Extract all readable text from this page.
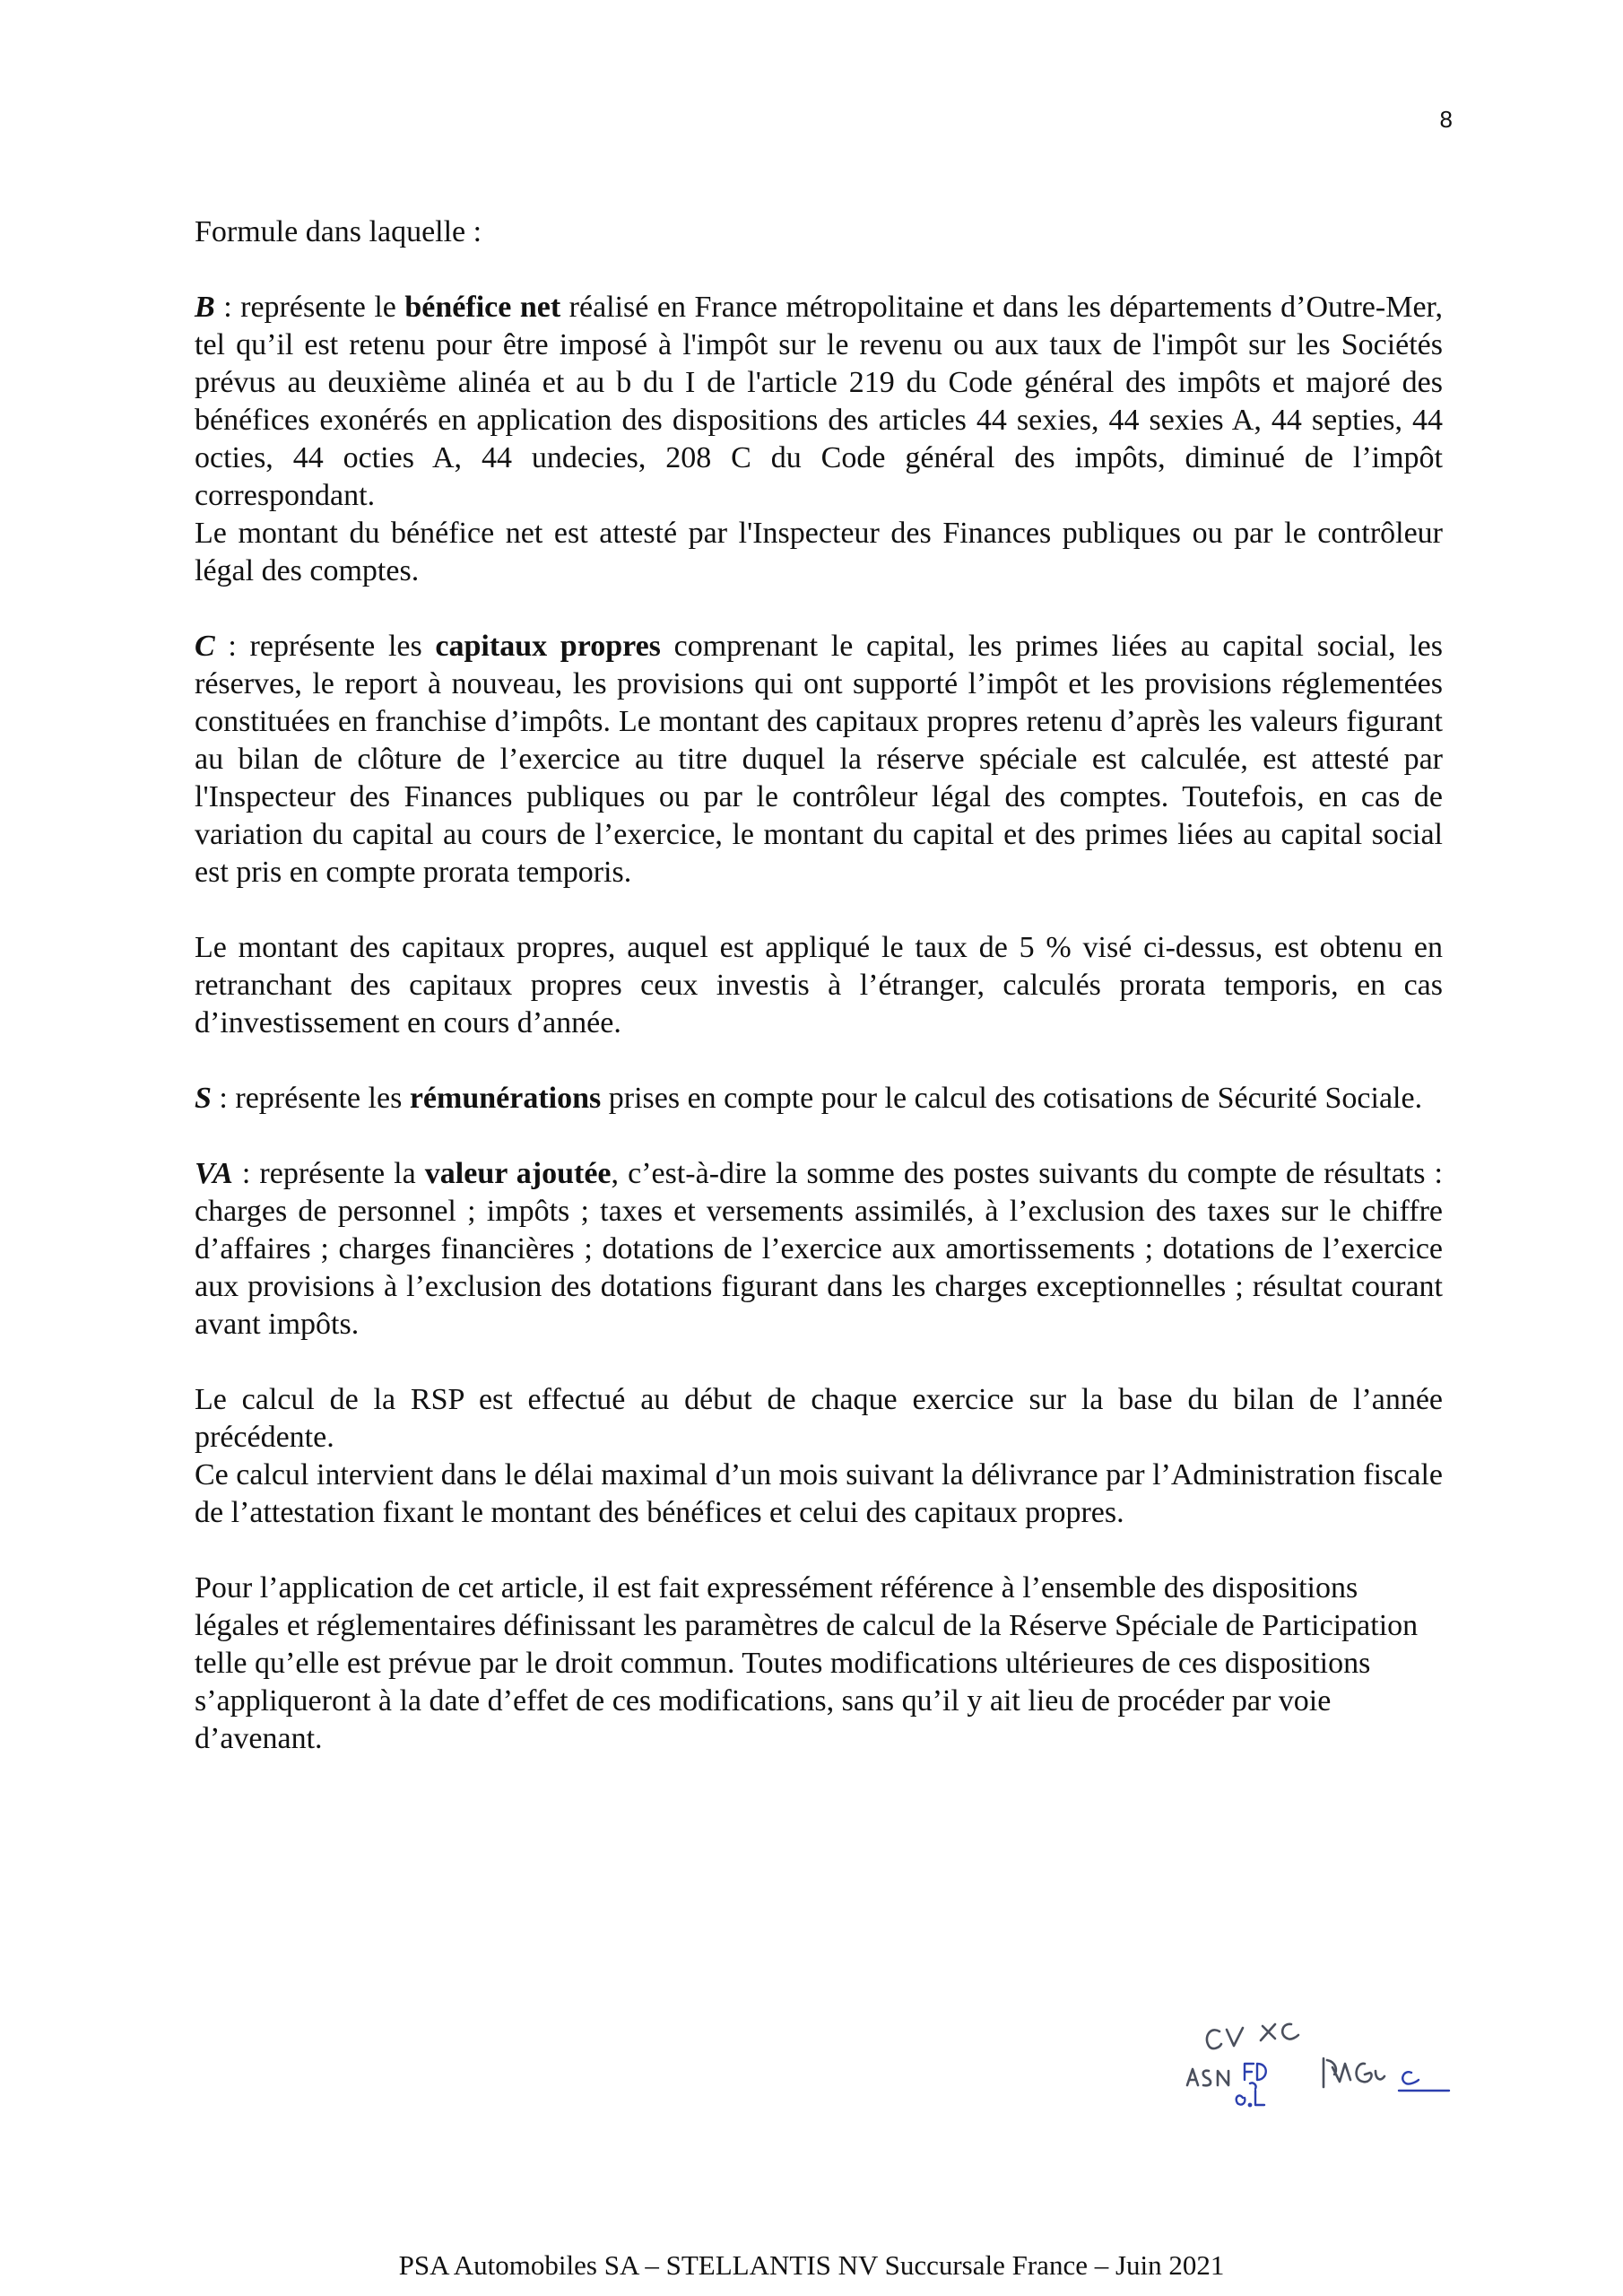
8

Formule dans laquelle :

B : représente le bénéfice net réalisé en France métropolitaine et dans les départements d’Outre-Mer, tel qu’il est retenu pour être imposé à l'impôt sur le revenu ou aux taux de l'impôt sur les Sociétés prévus au deuxième alinéa et au b du I de l'article 219 du Code général des impôts et majoré des bénéfices exonérés en application des dispositions des articles 44 sexies, 44 sexies A, 44 septies, 44 octies, 44 octies A, 44 undecies, 208 C du Code général des impôts, diminué de l’impôt correspondant.

Le montant du bénéfice net est attesté par l'Inspecteur des Finances publiques ou par le contrôleur légal des comptes.

C : représente les capitaux propres comprenant le capital, les primes liées au capital social, les réserves, le report à nouveau, les provisions qui ont supporté l’impôt et les provisions réglementées constituées en franchise d’impôts. Le montant des capitaux propres retenu d’après les valeurs figurant au bilan de clôture de l’exercice au titre duquel la réserve spéciale est calculée, est attesté par l'Inspecteur des Finances publiques ou par le contrôleur légal des comptes. Toutefois, en cas de variation du capital au cours de l’exercice, le montant du capital et des primes liées au capital social est pris en compte prorata temporis.

Le montant des capitaux propres, auquel est appliqué le taux de 5 % visé ci-dessus, est obtenu en retranchant des capitaux propres ceux investis à l’étranger, calculés prorata temporis, en cas d’investissement en cours d’année.

S : représente les rémunérations prises en compte pour le calcul des cotisations de Sécurité Sociale.

VA : représente la valeur ajoutée, c’est-à-dire la somme des postes suivants du compte de résultats : charges de personnel ; impôts ; taxes et versements assimilés, à l’exclusion des taxes sur le chiffre d’affaires ; charges financières ; dotations de l’exercice aux amortissements ; dotations de l’exercice aux provisions à l’exclusion des dotations figurant dans les charges exceptionnelles ; résultat courant avant impôts.

Le calcul de la RSP est effectué au début de chaque exercice sur la base du bilan de l’année précédente.

Ce calcul intervient dans le délai maximal d’un mois suivant la délivrance par l’Administration fiscale de l’attestation fixant le montant des bénéfices et celui des capitaux propres.

Pour l’application de cet article, il est fait expressément référence à l’ensemble des dispositions légales et réglementaires définissant les paramètres de calcul de la Réserve Spéciale de Participation telle qu’elle est prévue par le droit commun. Toutes modifications ultérieures de ces dispositions s’appliqueront à la date d’effet de ces modifications, sans qu’il y ait lieu de procéder par voie d’avenant.

PSA Automobiles SA – STELLANTIS NV Succursale France – Juin 2021
